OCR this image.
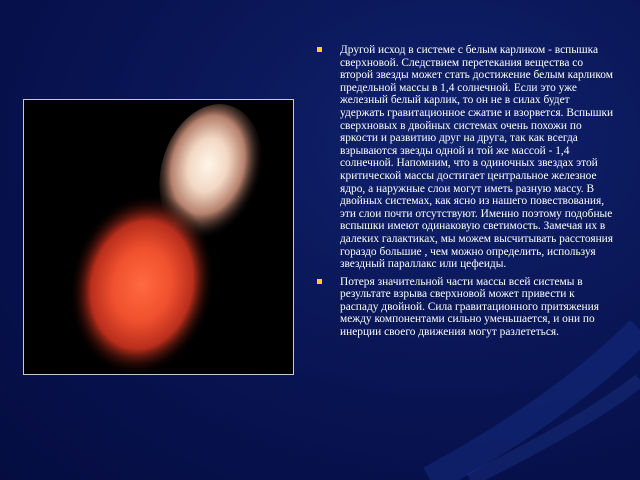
Другой исход в системе с белым карликом - вспышка сверхновой. Следствием перетекания вещества со второй звезды может стать достижение белым карликом предельной массы в 1,4 солнечной. Если это уже железный белый карлик, то он не в силах будет удержать гравитационное сжатие и взорвется. Вспышки сверхновых в двойных системах очень похожи по яркости и развитию друг на друга, так как всегда взрываются звезды одной и той же массой - 1,4 солнечной. Напомним, что в одиночных звездах этой критической массы достигает центральное железное ядро, а наружные слои могут иметь разную массу. В двойных системах, как ясно из нашего повествования, эти слои почти отсутствуют. Именно поэтому подобные вспышки имеют одинаковую светимость. Замечая их в далеких галактиках, мы можем высчитывать расстояния гораздо большие , чем можно определить, используя звездный параллакс или цефеиды.
Потеря значительной части массы всей системы в результате взрыва сверхновой может привести к распаду двойной. Сила гравитационного притяжения между компонентами сильно уменьшается, и они по инерции своего движения могут разлететься.
